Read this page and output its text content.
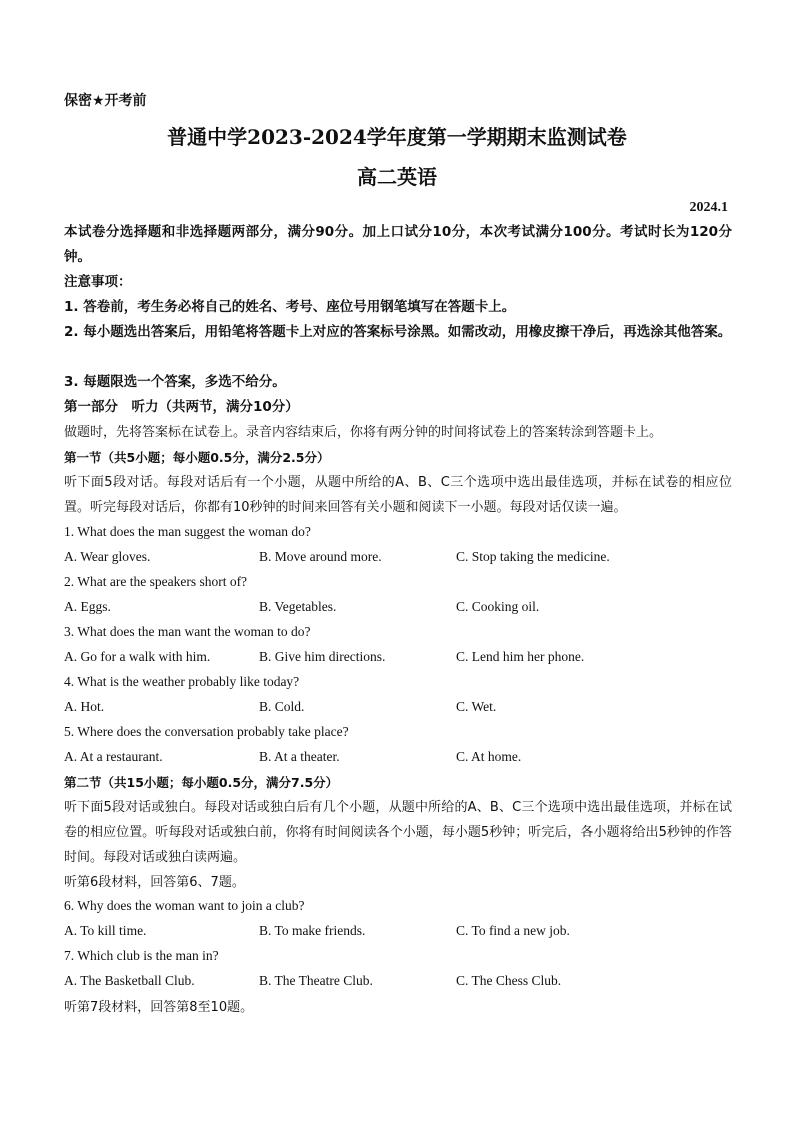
保密★开考前
普通中学2023-2024学年度第一学期期末监测试卷
高二英语
2024.1
本试卷分选择题和非选择题两部分，满分90分。加上口试分10分，本次考试满分100分。考试时长为120分钟。
注意事项：
1. 答卷前，考生务必将自己的姓名、考号、座位号用钢笔填写在答题卡上。
2. 每小题选出答案后，用铅笔将答题卡上对应的答案标号涂黑。如需改动，用橡皮擦干净后，再选涂其他答案。
3. 每题限选一个答案，多选不给分。
第一部分　听力（共两节，满分10分）
做题时，先将答案标在试卷上。录音内容结束后，你将有两分钟的时间将试卷上的答案转涂到答题卡上。
第一节（共5小题；每小题0.5分，满分2.5分）
听下面5段对话。每段对话后有一个小题，从题中所给的A、B、C三个选项中选出最佳选项，并标在试卷的相应位置。听完每段对话后，你都有10秒钟的时间来回答有关小题和阅读下一小题。每段对话仅读一遍。
1. What does the man suggest the woman do?
A. Wear gloves.	B. Move around more.	C. Stop taking the medicine.
2. What are the speakers short of?
A. Eggs.	B. Vegetables.	C. Cooking oil.
3. What does the man want the woman to do?
A. Go for a walk with him.	B. Give him directions.	C. Lend him her phone.
4. What is the weather probably like today?
A. Hot.	B. Cold.	C. Wet.
5. Where does the conversation probably take place?
A. At a restaurant.	B. At a theater.	C. At home.
第二节（共15小题；每小题0.5分，满分7.5分）
听下面5段对话或独白。每段对话或独白后有几个小题，从题中所给的A、B、C三个选项中选出最佳选项，并标在试卷的相应位置。听每段对话或独白前，你将有时间阅读各个小题，每小题5秒钟；听完后，各小题将给出5秒钟的作答时间。每段对话或独白读两遍。
听第6段材料，回答第6、7题。
6. Why does the woman want to join a club?
A. To kill time.	B. To make friends.	C. To find a new job.
7. Which club is the man in?
A. The Basketball Club.	B. The Theatre Club.	C. The Chess Club.
听第7段材料，回答第8至10题。
